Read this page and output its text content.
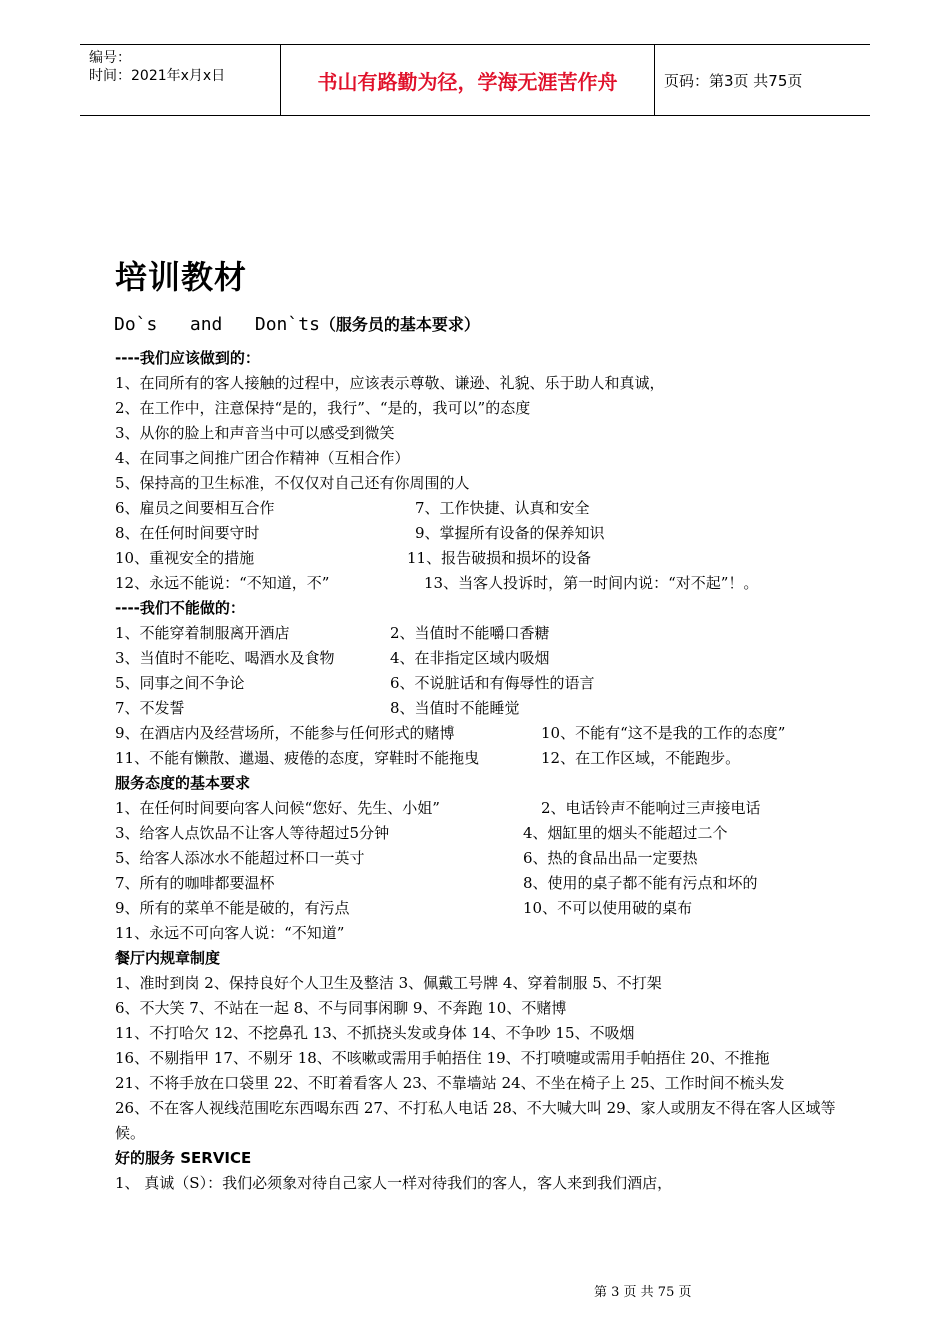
编号：
时间：2021年x月x日	书山有路勤为径，学海无涯苦作舟	页码：第3页 共75页
培训教材
Do`s   and   Don`ts（服务员的基本要求）
----我们应该做到的：
1、在同所有的客人接触的过程中，应该表示尊敬、谦逊、礼貌、乐于助人和真诚，
2、在工作中，注意保持“是的，我行”、“是的，我可以”的态度
3、从你的脸上和声音当中可以感受到微笑
4、在同事之间推广团合作精神（互相合作）
5、保持高的卫生标准，不仅仅对自己还有你周围的人
6、雇员之间要相互合作	7、工作快捷、认真和安全
8、在任何时间要守时	9、掌握所有设备的保养知识
10、重视安全的措施	11、报告破损和损坏的设备
12、永远不能说：“不知道，不”	13、当客人投诉时，第一时间内说：“对不起”！。
----我们不能做的：
1、不能穿着制服离开酒店	2、当值时不能嚼口香糖
3、当值时不能吃、喝酒水及食物	4、在非指定区域内吸烟
5、同事之间不争论	6、不说脏话和有侮辱性的语言
7、不发誓	8、当值时不能睡觉
9、在酒店内及经营场所，不能参与任何形式的赌博	10、不能有“这不是我的工作的态度”
11、不能有懒散、邋遢、疲倦的态度，穿鞋时不能拖曳	12、在工作区域，不能跑步。
服务态度的基本要求
1、在任何时间要向客人问候“您好、先生、小姐”	2、电话铃声不能响过三声接电话
3、给客人点饮品不让客人等待超过5分钟	4、烟缸里的烟头不能超过二个
5、给客人添冰水不能超过杯口一英寸	6、热的食品出品一定要热
7、所有的咖啡都要温杯	8、使用的桌子都不能有污点和坏的
9、所有的菜单不能是破的，有污点	10、不可以使用破的桌布
11、永远不可向客人说：“不知道”
餐厅内规章制度
1、准时到岗 2、保持良好个人卫生及整洁 3、佩戴工号牌 4、穿着制服 5、不打架
6、不大笑 7、不站在一起 8、不与同事闲聊 9、不奔跑 10、不赌博
11、不打哈欠 12、不挖鼻孔 13、不抓挠头发或身体 14、不争吵 15、不吸烟
16、不剔指甲 17、不剔牙 18、不咳嗽或需用手帕捂住 19、不打喷嚏或需用手帕捂住 20、不推拖
21、不将手放在口袋里 22、不盯着看客人 23、不靠墙站 24、不坐在椅子上 25、工作时间不梳头发
26、不在客人视线范围吃东西喝东西 27、不打私人电话 28、不大喊大叫 29、家人或朋友不得在客人区域等候。
好的服务 SERVICE
1、 真诚（S）：我们必须象对待自己家人一样对待我们的客人，客人来到我们酒店，
第 3 页 共 75 页
